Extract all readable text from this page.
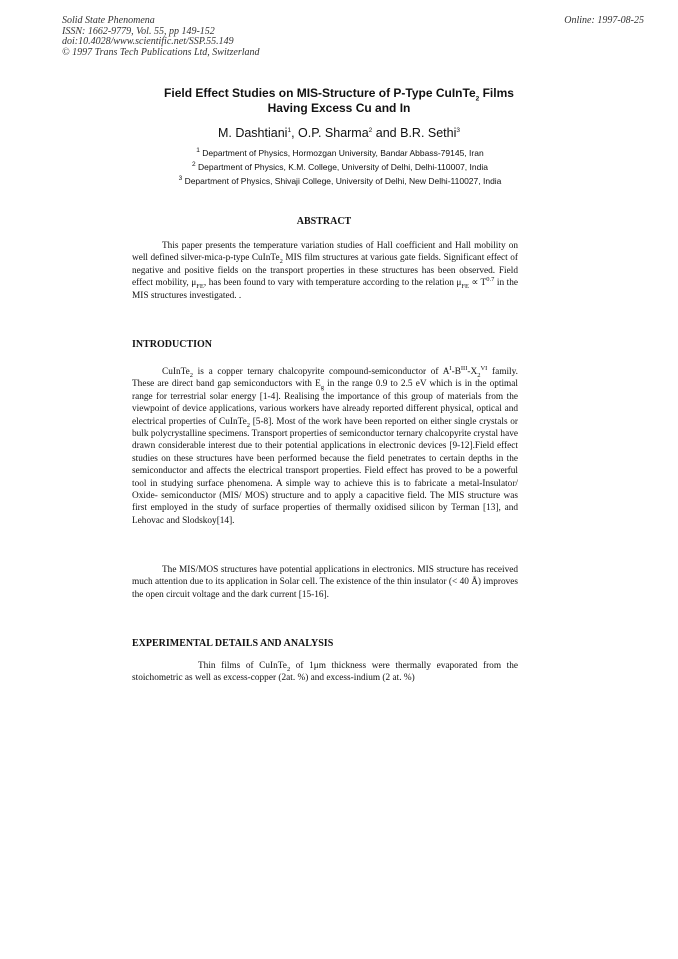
Solid State Phenomena
ISSN: 1662-9779, Vol. 55, pp 149-152
doi:10.4028/www.scientific.net/SSP.55.149
© 1997 Trans Tech Publications Ltd, Switzerland
Online: 1997-08-25
Field Effect Studies on MIS-Structure of P-Type CuInTe$_2$ Films
Having Excess Cu and In
M. Dashtiani$^1$, O.P. Sharma$^2$ and B.R. Sethi$^3$
$^1$ Department of Physics, Hormozgan University, Bandar Abbass-79145, Iran
$^2$ Department of Physics, K.M. College, University of Delhi, Delhi-110007, India
$^3$ Department of Physics, Shivaji College, University of Delhi, New Delhi-110027, India
ABSTRACT
This paper presents the temperature variation studies of Hall coefficient and Hall mobility on well defined silver-mica-p-type CuInTe$_2$ MIS film structures at various gate fields. Significant effect of negative and positive fields on the transport properties in these structures has been observed. Field effect mobility, $\mu_{FE}$, has been found to vary with temperature according to the relation $\mu_{FE} \propto T^{0.7}$ in the MIS structures investigated. .
INTRODUCTION
CuInTe$_2$ is a copper ternary chalcopyrite compound-semiconductor of $A^I-B^{III}-X_2^{VI}$ family. These are direct band gap semiconductors with $E_g$ in the range 0.9 to 2.5 eV which is in the optimal range for terrestrial solar energy [1-4]. Realising the importance of this group of materials from the viewpoint of device applications, various workers have already reported different physical, optical and electrical properties of CuInTe$_2$ [5-8]. Most of the work have been reported on either single crystals or bulk polycrystalline specimens. Transport properties of semiconductor ternary chalcopyrite crystal have drawn considerable interest due to their potential applications in electronic devices [9-12].Field effect studies on these structures have been performed because the field penetrates to certain depths in the semiconductor and affects the electrical transport properties. Field effect has proved to be a powerful tool in studying surface phenomena. A simple way to achieve this is to fabricate a metal-Insulator/ Oxide- semiconductor (MIS/ MOS) structure and to apply a capacitive field. The MIS structure was first employed in the study of surface properties of thermally oxidised silicon by Terman [13], and Lehovac and Slodskoy[14].
The MIS/MOS structures have potential applications in electronics. MIS structure has received much attention due to its application in Solar cell. The existence of the thin insulator (< 40 Å) improves the open circuit voltage and the dark current [15-16].
EXPERIMENTAL DETAILS AND ANALYSIS
Thin films of CuInTe$_2$ of 1μm thickness were thermally evaporated from the stoichometric as well as excess-copper (2at. %) and excess-indium (2 at. %)
